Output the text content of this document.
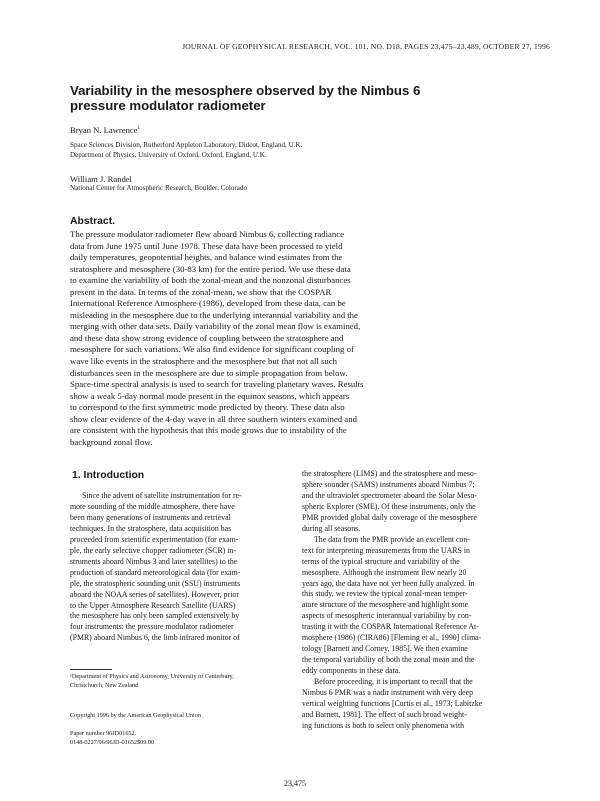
JOURNAL OF GEOPHYSICAL RESEARCH, VOL. 101, NO. D18, PAGES 23,475–23,489, OCTOBER 27, 1996
Variability in the mesosphere observed by the Nimbus 6
pressure modulator radiometer
Bryan N. Lawrence$^1$
Space Sciences Division, Rutherford Appleton Laboratory, Didcot, England, U.K.
Department of Physics, University of Oxford, Oxford, England, U.K.
William J. Randel
National Center for Atmospheric Research, Boulder, Colorado
Abstract.

The pressure modulator radiometer flew aboard Nimbus 6, collecting radiance
data from June 1975 until June 1978. These data have been processed to yield
daily temperatures, geopotential heights, and balance wind estimates from the
stratosphere and mesosphere (30-83 km) for the entire period. We use these data
to examine the variability of both the zonal-mean and the nonzonal disturbances
present in the data. In terms of the zonal-mean, we show that the COSPAR
International Reference Atmosphere (1986), developed from these data, can be
misleading in the mesosphere due to the underlying interannual variability and the
merging with other data sets. Daily variability of the zonal mean flow is examined,
and these data show strong evidence of coupling between the stratosphere and
mesosphere for such variations. We also find evidence for significant coupling of
wave like events in the stratosphere and the mesosphere but that not all such
disturbances seen in the mesosphere are due to simple propagation from below.
Space-time spectral analysis is used to search for traveling planetary waves. Results
show a weak 5-day normal mode present in the equinox seasons, which appears
to correspond to the first symmetric mode predicted by theory. These data also
show clear evidence of the 4-day wave in all three southern winters examined and
are consistent with the hypothesis that this mode grows due to instability of the
background zonal flow.

1. Introduction
Since the advent of satellite instrumentation for re-
mote sounding of the middle atmosphere, there have
been many generations of instruments and retrieval
techniques. In the stratosphere, data acquisition has
proceeded from scientific experimentation (for exam-
ple, the early selective chopper radiometer (SCR) in-
struments aboard Nimbus 3 and later satellites) to the
production of standard meteorological data (for exam-
ple, the stratospheric sounding unit (SSU) instruments
aboard the NOAA series of satellites). However, prior
to the Upper Atmosphere Research Satellite (UARS)
the mesosphere has only been sampled extensively by
four instruments: the pressure modulator radiometer
(PMR) aboard Nimbus 6, the limb infrared monitor of
the stratosphere (LIMS) and the stratosphere and meso-
sphere sounder (SAMS) instruments aboard Nimbus 7;
and the ultraviolet spectrometer aboard the Solar Meso-
spheric Explorer (SME). Of these instruments, only the
PMR provided global daily coverage of the mesosphere
during all seasons.
The data from the PMR provide an excellent con-
text for interpreting measurements from the UARS in
terms of the typical structure and variability of the
mesosphere. Although the instrument flew nearly 20
years ago, the data have not yet been fully analyzed. In
this study, we review the typical zonal-mean temper-
ature structure of the mesosphere and highlight some
aspects of mesospheric interannual variability by con-
trasting it with the COSPAR International Reference At-
mosphere (1986) (CIRA86) [Fleming et al., 1990] clima-
tology [Barnett and Corney, 1985]. We then examine
the temporal variability of both the zonal mean and the
eddy components in these data.
Before proceeding, it is important to recall that the
Nimbus 6 PMR was a nadir instrument with very deep
vertical weighting functions [Curtis et al., 1973; Labitzke
and Barnett, 1981]. The effect of such broad weight-
ing functions is both to select only phenomena with
¹Department of Physics and Astronomy, University of Canterbury,
Christchurch, New Zealand
Copyright 1996 by the American Geophysical Union
Paper number 96JD01652.
0148-0227/96/96JD-01652$09.00
23,475
